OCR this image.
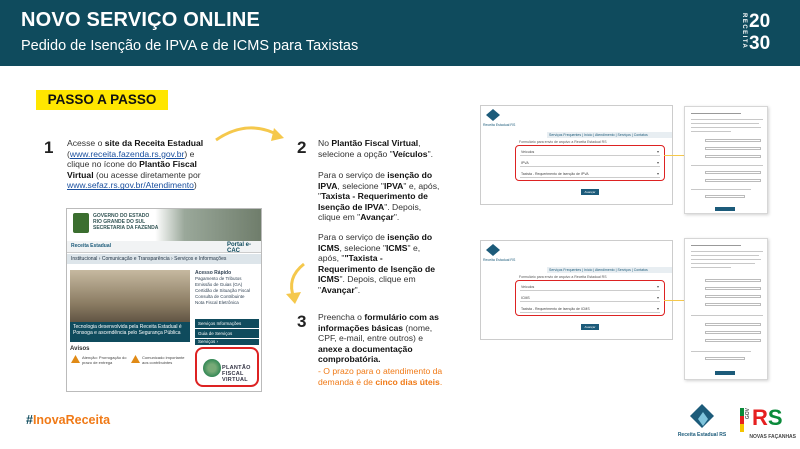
NOVO SERVIÇO ONLINE
Pedido de Isenção de IPVA e de ICMS para Taxistas	RECEITA 20
30
PASSO A PASSO
1 Acesse o site da Receita Estadual
(www.receita.fazenda.rs.gov.br) e clique no ícone do Plantão Fiscal Virtual (ou acesse diretamente por www.sefaz.rs.gov.br/Atendimento)
2 No Plantão Fiscal Virtual, selecione a opção "Veículos".
Para o serviço de isenção do IPVA, selecione "IPVA" e, após, "Taxista - Requerimento de Isenção de IPVA". Depois, clique em "Avançar".
Para o serviço de isenção do ICMS, selecione "ICMS" e, após, ""Taxista - Requerimento de Isenção de ICMS". Depois, clique em "Avançar".
3 Preencha o formulário com as informações básicas (nome, CPF, e-mail, entre outros) e anexe a documentação comprobatória.
- O prazo para o atendimento da demanda é de cinco dias úteis.
GOVERNO DO ESTADO
RIO GRANDE DO SUL
SECRETARIA DA FAZENDA
Receita Estadual	Portal e-CAC
Institucional › Comunicação e Transparência › Serviços e Informações
Tecnologia desenvolvida pela Receita Estadual é Ponsoga e ascendência pelo Segurança Pública
Acesso Rápido
Pagamento de Tributos
Emissão de Guias (GA)
Certidão de Situação Fiscal
Consulta de Contribuinte
Nota Fiscal Eletrônica
Serviços Informações
Guia de Serviços
Serviços ›
Avisos
Atenção: Prorrogação do prazo de entrega
Comunicado importante aos contribuintes
PLANTÃO FISCAL VIRTUAL
Receita Estadual RS
Serviços Frequentes | Início | Atendimento | Serviços | Contatos
Formulário para envio de arquivo a Receita Estadual RS
Veículos ▾
IPVA ▾
Taxista - Requerimento de Isenção de IPVA ▾
Avançar
Receita Estadual RS
Serviços Frequentes | Início | Atendimento | Serviços | Contatos
Formulário para envio de arquivo a Receita Estadual RS
Veículos ▾
ICMS ▾
Taxista - Requerimento de Isenção de ICMS ▾
Avançar
#InovaReceita
Receita Estadual RS
GOV RS
NOVAS FAÇANHAS
